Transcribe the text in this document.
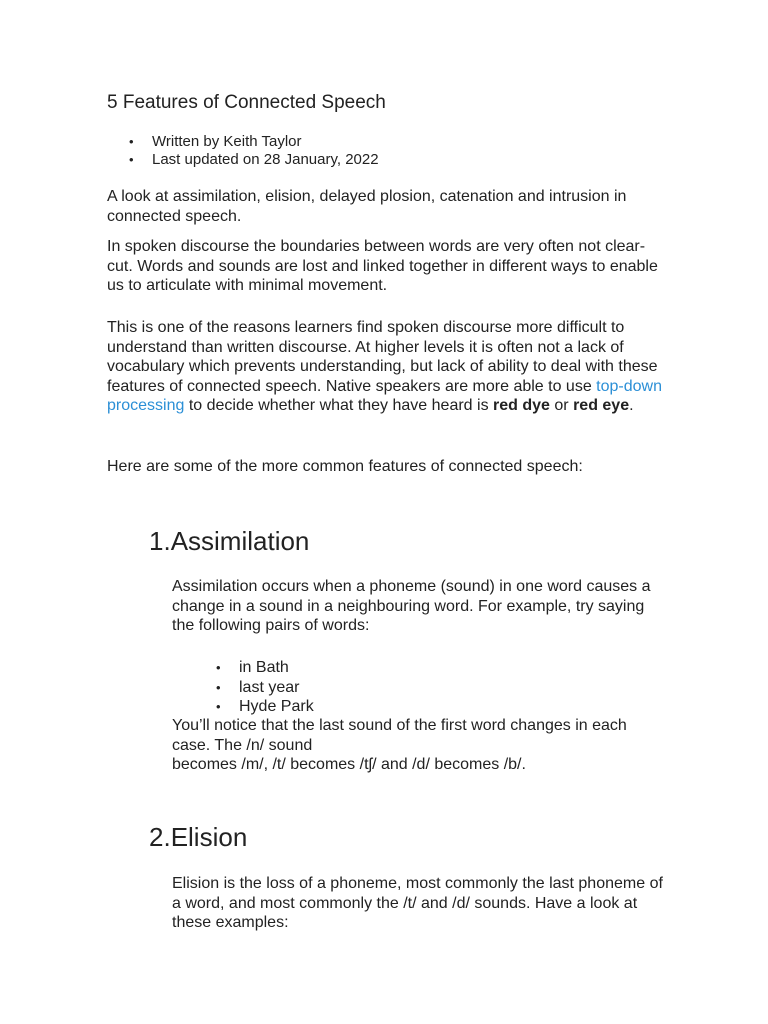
5 Features of Connected Speech
• Written by Keith Taylor
• Last updated on 28 January, 2022

A look at assimilation, elision, delayed plosion, catenation and intrusion in connected speech.

In spoken discourse the boundaries between words are very often not clear-cut. Words and sounds are lost and linked together in different ways to enable us to articulate with minimal movement.

This is one of the reasons learners find spoken discourse more difficult to understand than written discourse. At higher levels it is often not a lack of vocabulary which prevents understanding, but lack of ability to deal with these features of connected speech. Native speakers are more able to use top-down processing to decide whether what they have heard is red dye or red eye.

Here are some of the more common features of connected speech:

1.Assimilation

Assimilation occurs when a phoneme (sound) in one word causes a change in a sound in a neighbouring word. For example, try saying the following pairs of words:

• in Bath
• last year
• Hyde Park

You’ll notice that the last sound of the first word changes in each case. The /n/ sound
becomes /m/, /t/ becomes /tʃ/ and /d/ becomes /b/.

2.Elision

Elision is the loss of a phoneme, most commonly the last phoneme of a word, and most commonly the /t/ and /d/ sounds. Have a look at these examples:
